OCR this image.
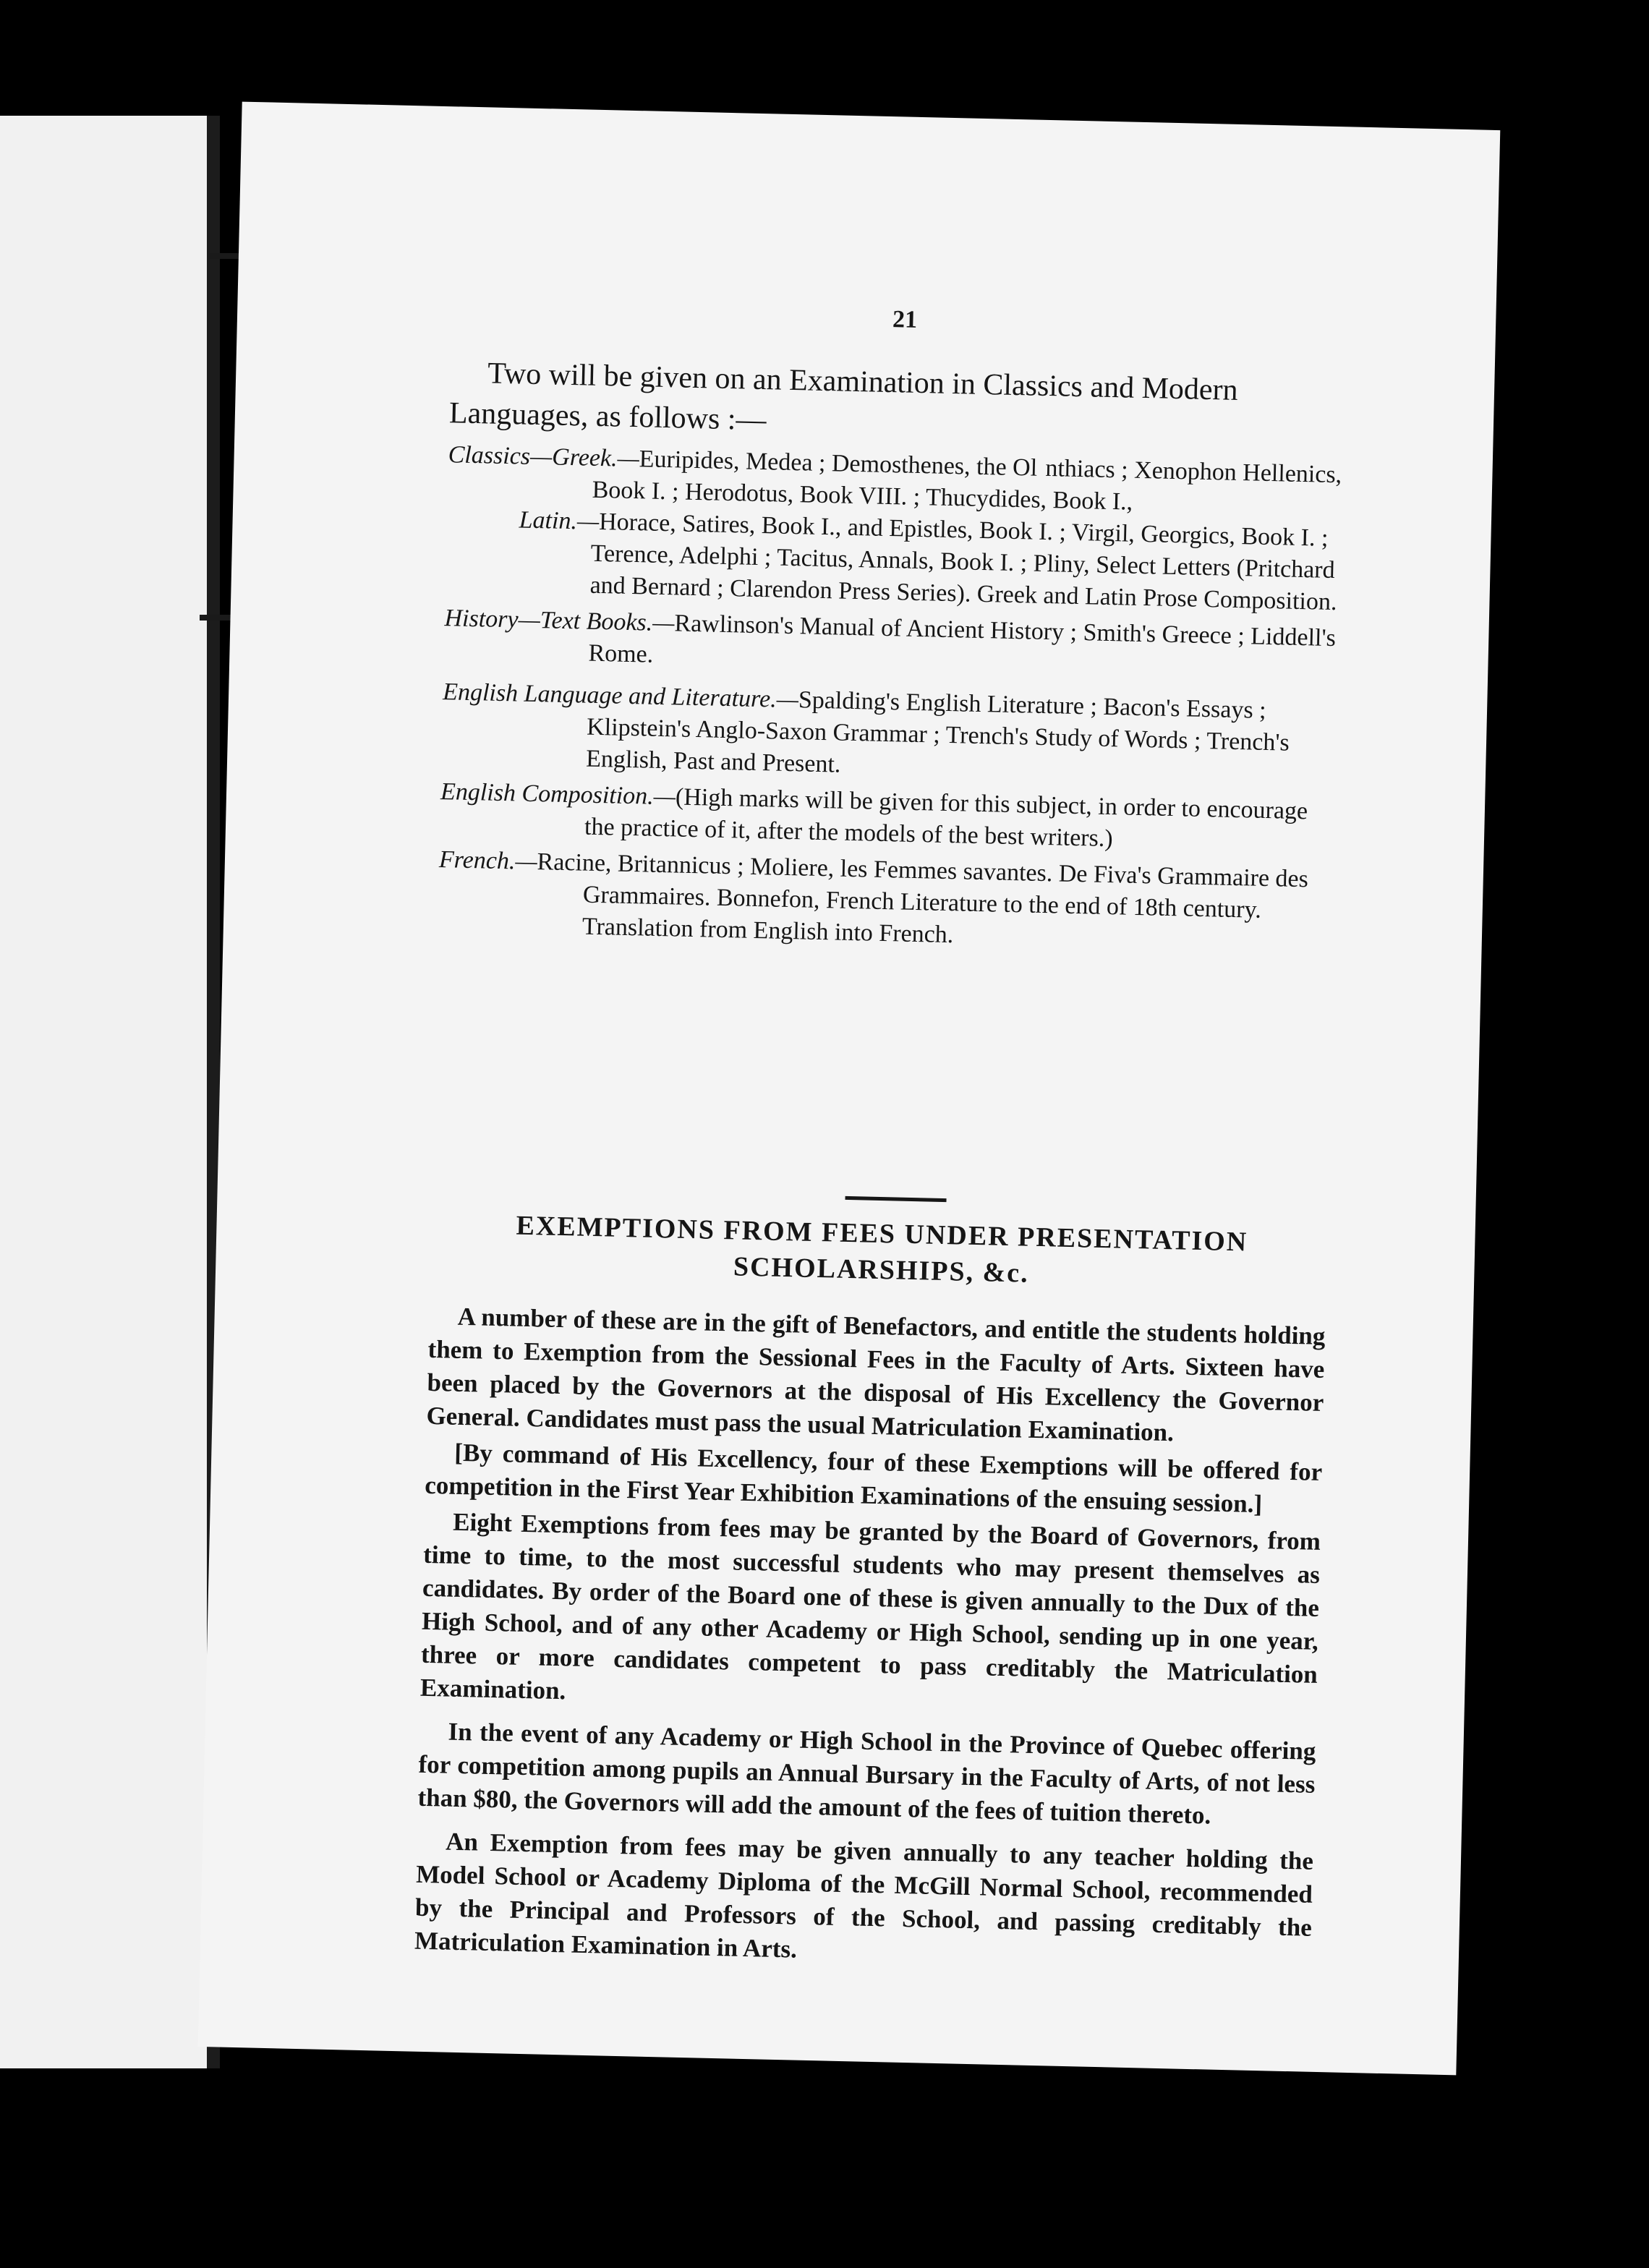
21
Two will be given on an Examination in Classics and Modern Languages, as follows :—
Classics—Greek.—Euripides, Medea ; Demosthenes, the Ol nthiacs ; Xenophon Hellenics, Book I. ; Herodotus, Book VIII. ; Thucydides, Book I.,
Latin.—Horace, Satires, Book I., and Epistles, Book I. ; Virgil, Georgics, Book I. ; Terence, Adelphi ; Tacitus, Annals, Book I. ; Pliny, Select Letters (Pritchard and Bernard ; Clarendon Press Series). Greek and Latin Prose Composition.
History—Text Books.—Rawlinson's Manual of Ancient History ; Smith's Greece ; Liddell's Rome.
English Language and Literature.—Spalding's English Literature ; Bacon's Essays ; Klipstein's Anglo-Saxon Grammar ; Trench's Study of Words ; Trench's English, Past and Present.
English Composition.—(High marks will be given for this subject, in order to encourage the practice of it, after the models of the best writers.)
French.—Racine, Britannicus ; Moliere, les Femmes savantes. De Fiva's Grammaire des Grammaires. Bonnefon, French Literature to the end of 18th century. Translation from English into French.
EXEMPTIONS FROM FEES UNDER PRESENTATION SCHOLARSHIPS, &c.

A number of these are in the gift of Benefactors, and entitle the students holding them to Exemption from the Sessional Fees in the Faculty of Arts. Sixteen have been placed by the Governors at the disposal of His Excellency the Governor General. Candidates must pass the usual Matriculation Examination.

[By command of His Excellency, four of these Exemptions will be offered for competition in the First Year Exhibition Examinations of the ensuing session.]

Eight Exemptions from fees may be granted by the Board of Governors, from time to time, to the most successful students who may present themselves as candidates. By order of the Board one of these is given annually to the Dux of the High School, and of any other Academy or High School, sending up in one year, three or more candidates competent to pass creditably the Matriculation Examination.

In the event of any Academy or High School in the Province of Quebec offering for competition among pupils an Annual Bursary in the Faculty of Arts, of not less than $80, the Governors will add the amount of the fees of tuition thereto.

An Exemption from fees may be given annually to any teacher holding the Model School or Academy Diploma of the McGill Normal School, recommended by the Principal and Professors of the School, and passing creditably the Matriculation Examination in Arts.
